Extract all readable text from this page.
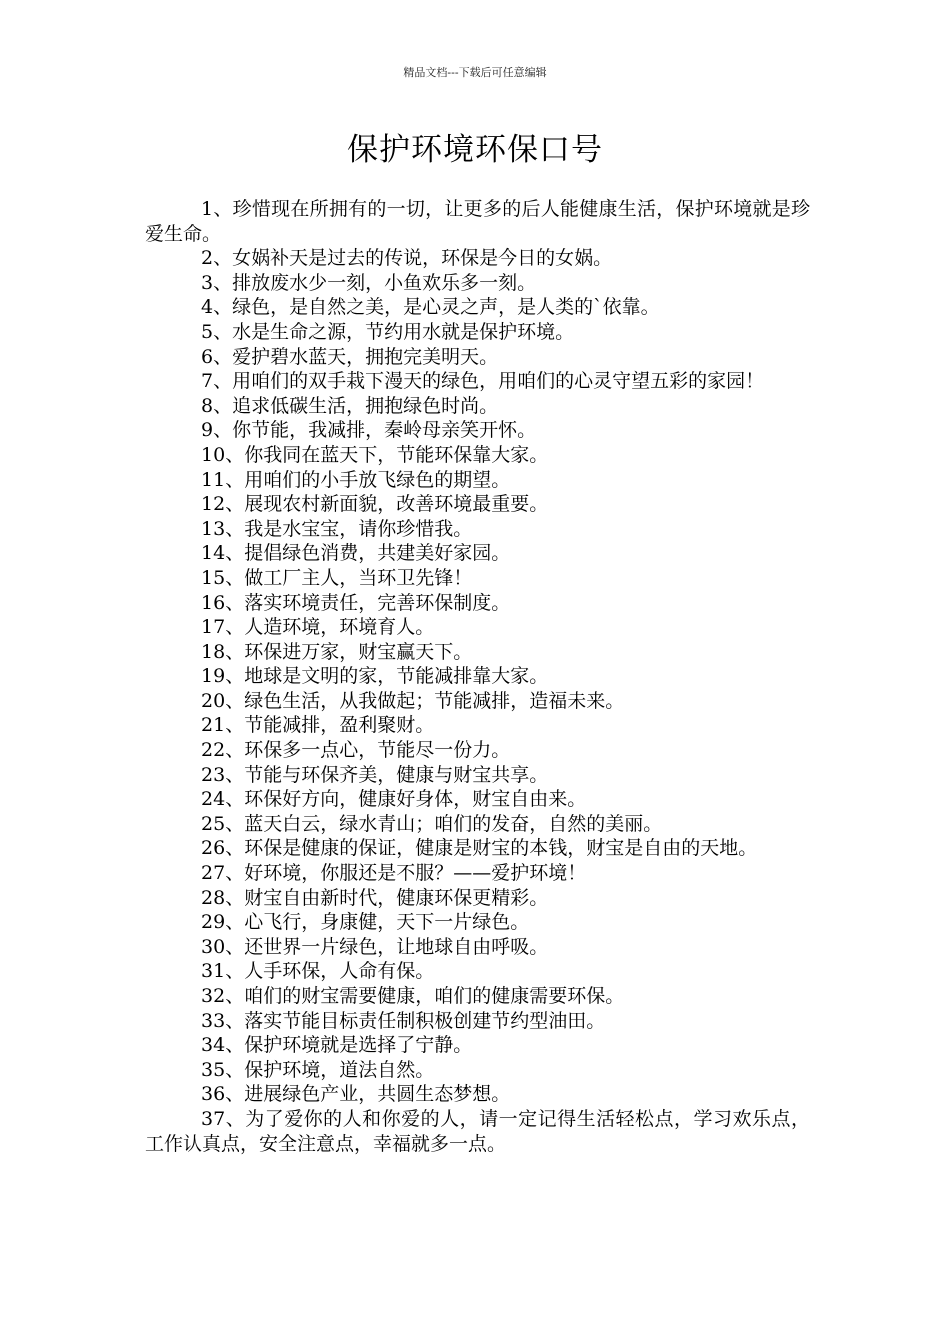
精品文档---下载后可任意编辑
保护环境环保口号
1、珍惜现在所拥有的一切，让更多的后人能健康生活，保护环境就是珍爱生命。
2、女娲补天是过去的传说，环保是今日的女娲。
3、排放废水少一刻，小鱼欢乐多一刻。
4、绿色，是自然之美，是心灵之声，是人类的`依靠。
5、水是生命之源，节约用水就是保护环境。
6、爱护碧水蓝天，拥抱完美明天。
7、用咱们的双手栽下漫天的绿色，用咱们的心灵守望五彩的家园！
8、追求低碳生活，拥抱绿色时尚。
9、你节能，我减排，秦岭母亲笑开怀。
10、你我同在蓝天下，节能环保靠大家。
11、用咱们的小手放飞绿色的期望。
12、展现农村新面貌，改善环境最重要。
13、我是水宝宝，请你珍惜我。
14、提倡绿色消费，共建美好家园。
15、做工厂主人，当环卫先锋！
16、落实环境责任，完善环保制度。
17、人造环境，环境育人。
18、环保进万家，财宝赢天下。
19、地球是文明的家，节能减排靠大家。
20、绿色生活，从我做起；节能减排，造福未来。
21、节能减排，盈利聚财。
22、环保多一点心，节能尽一份力。
23、节能与环保齐美，健康与财宝共享。
24、环保好方向，健康好身体，财宝自由来。
25、蓝天白云，绿水青山；咱们的发奋，自然的美丽。
26、环保是健康的保证，健康是财宝的本钱，财宝是自由的天地。
27、好环境，你服还是不服？——爱护环境！
28、财宝自由新时代，健康环保更精彩。
29、心飞行，身康健，天下一片绿色。
30、还世界一片绿色，让地球自由呼吸。
31、人手环保，人命有保。
32、咱们的财宝需要健康，咱们的健康需要环保。
33、落实节能目标责任制积极创建节约型油田。
34、保护环境就是选择了宁静。
35、保护环境，道法自然。
36、进展绿色产业，共圆生态梦想。
37、为了爱你的人和你爱的人，请一定记得生活轻松点，学习欢乐点，工作认真点，安全注意点，幸福就多一点。
